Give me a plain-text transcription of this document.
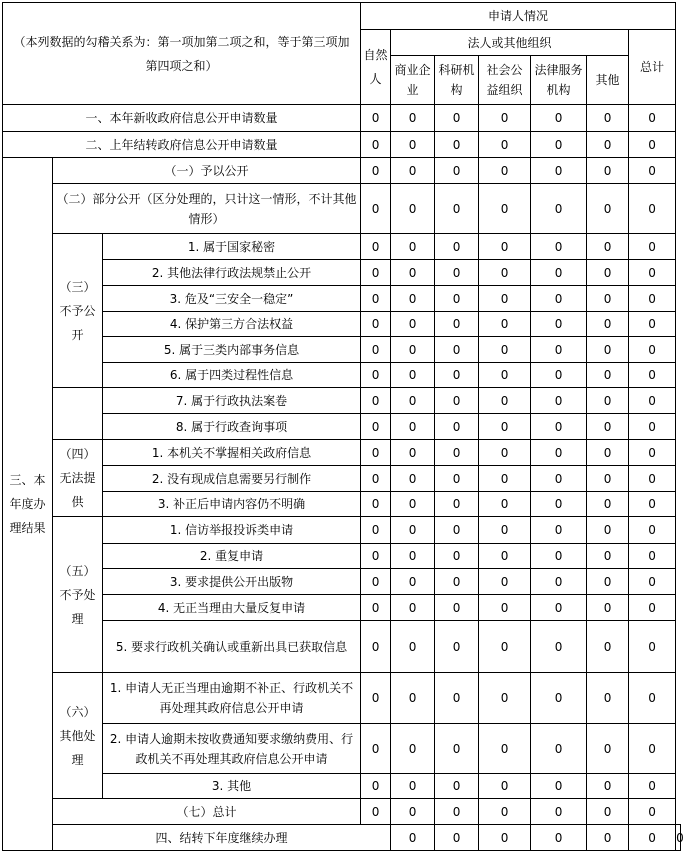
（本列数据的勾稽关系为：第一项加第二项之和，等于第三项加第四项之和）			申请人情况							
			自然人	法人或其他组织					总计	
				商业企业	科研机构	社会公益组织	法律服务机构	其他		
一、本年新收政府信息公开申请数量			0	0	0	0	0	0	0	
二、上年结转政府信息公开申请数量			0	0	0	0	0	0	0	
三、本年度办理结果	（一）予以公开		0	0	0	0	0	0	0	
	（二）部分公开（区分处理的，只计这一情形，不计其他情形）		0	0	0	0	0	0	0	
	（三）不予公开	1. 属于国家秘密	0	0	0	0	0	0	0	
		2. 其他法律行政法规禁止公开	0	0	0	0	0	0	0	
		3. 危及“三安全一稳定”	0	0	0	0	0	0	0	
		4. 保护第三方合法权益	0	0	0	0	0	0	0	
		5. 属于三类内部事务信息	0	0	0	0	0	0	0	
		6. 属于四类过程性信息	0	0	0	0	0	0	0	
		7. 属于行政执法案卷	0	0	0	0	0	0	0	
		8. 属于行政查询事项	0	0	0	0	0	0	0	
	（四）无法提供	1. 本机关不掌握相关政府信息	0	0	0	0	0	0	0	
		2. 没有现成信息需要另行制作	0	0	0	0	0	0	0	
		3. 补正后申请内容仍不明确	0	0	0	0	0	0	0	
	（五）不予处理	1. 信访举报投诉类申请	0	0	0	0	0	0	0	
		2. 重复申请	0	0	0	0	0	0	0	
		3. 要求提供公开出版物	0	0	0	0	0	0	0	
		4. 无正当理由大量反复申请	0	0	0	0	0	0	0	
		5. 要求行政机关确认或重新出具已获取信息	0	0	0	0	0	0	0	
	（六）其他处理	1. 申请人无正当理由逾期不补正、行政机关不再处理其政府信息公开申请	0	0	0	0	0	0	0	
		2. 申请人逾期未按收费通知要求缴纳费用、行政机关不再处理其政府信息公开申请	0	0	0	0	0	0	0	
		3. 其他	0	0	0	0	0	0	0	
	（七）总计		0	0	0	0	0	0	0	
	四、结转下年度继续办理			0	0	0	0	0	0	0
